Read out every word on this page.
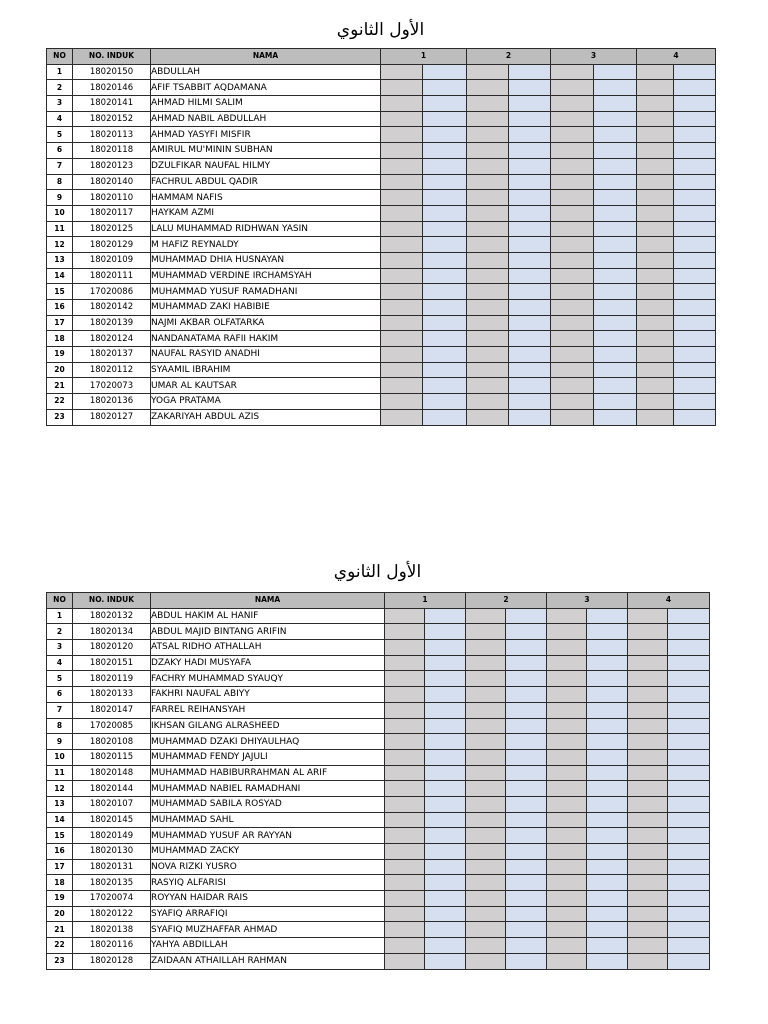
الأول الثانوي
NO	NO. INDUK	NAMA	1		2		3		4	
1	18020150	ABDULLAH								
2	18020146	AFIF TSABBIT AQDAMANA								
3	18020141	AHMAD HILMI SALIM								
4	18020152	AHMAD NABIL ABDULLAH								
5	18020113	AHMAD YASYFI MISFIR								
6	18020118	AMIRUL MU'MININ SUBHAN								
7	18020123	DZULFIKAR NAUFAL HILMY								
8	18020140	FACHRUL ABDUL QADIR								
9	18020110	HAMMAM NAFIS								
10	18020117	HAYKAM AZMI								
11	18020125	LALU MUHAMMAD RIDHWAN YASIN								
12	18020129	M HAFIZ REYNALDY								
13	18020109	MUHAMMAD DHIA HUSNAYAN								
14	18020111	MUHAMMAD VERDINE IRCHAMSYAH								
15	17020086	MUHAMMAD YUSUF RAMADHANI								
16	18020142	MUHAMMAD ZAKI HABIBIE								
17	18020139	NAJMI AKBAR OLFATARKA								
18	18020124	NANDANATAMA RAFII HAKIM								
19	18020137	NAUFAL RASYID ANADHI								
20	18020112	SYAAMIL IBRAHIM								
21	17020073	UMAR AL KAUTSAR								
22	18020136	YOGA PRATAMA								
23	18020127	ZAKARIYAH ABDUL AZIS								
الأول الثانوي
NO	NO. INDUK	NAMA	1		2		3		4	
1	18020132	ABDUL HAKIM AL HANIF								
2	18020134	ABDUL MAJID BINTANG ARIFIN								
3	18020120	ATSAL RIDHO ATHALLAH								
4	18020151	DZAKY HADI MUSYAFA								
5	18020119	FACHRY MUHAMMAD SYAUQY								
6	18020133	FAKHRI NAUFAL ABIYY								
7	18020147	FARREL REIHANSYAH								
8	17020085	IKHSAN GILANG ALRASHEED								
9	18020108	MUHAMMAD DZAKI DHIYAULHAQ								
10	18020115	MUHAMMAD FENDY JAJULI								
11	18020148	MUHAMMAD HABIBURRAHMAN AL ARIF								
12	18020144	MUHAMMAD NABIEL RAMADHANI								
13	18020107	MUHAMMAD SABILA ROSYAD								
14	18020145	MUHAMMAD SAHL								
15	18020149	MUHAMMAD YUSUF AR RAYYAN								
16	18020130	MUHAMMAD ZACKY								
17	18020131	NOVA RIZKI YUSRO								
18	18020135	RASYIQ ALFARISI								
19	17020074	ROYYAN HAIDAR RAIS								
20	18020122	SYAFIQ ARRAFIQI								
21	18020138	SYAFIQ MUZHAFFAR AHMAD								
22	18020116	YAHYA ABDILLAH								
23	18020128	ZAIDAAN ATHAILLAH RAHMAN								
